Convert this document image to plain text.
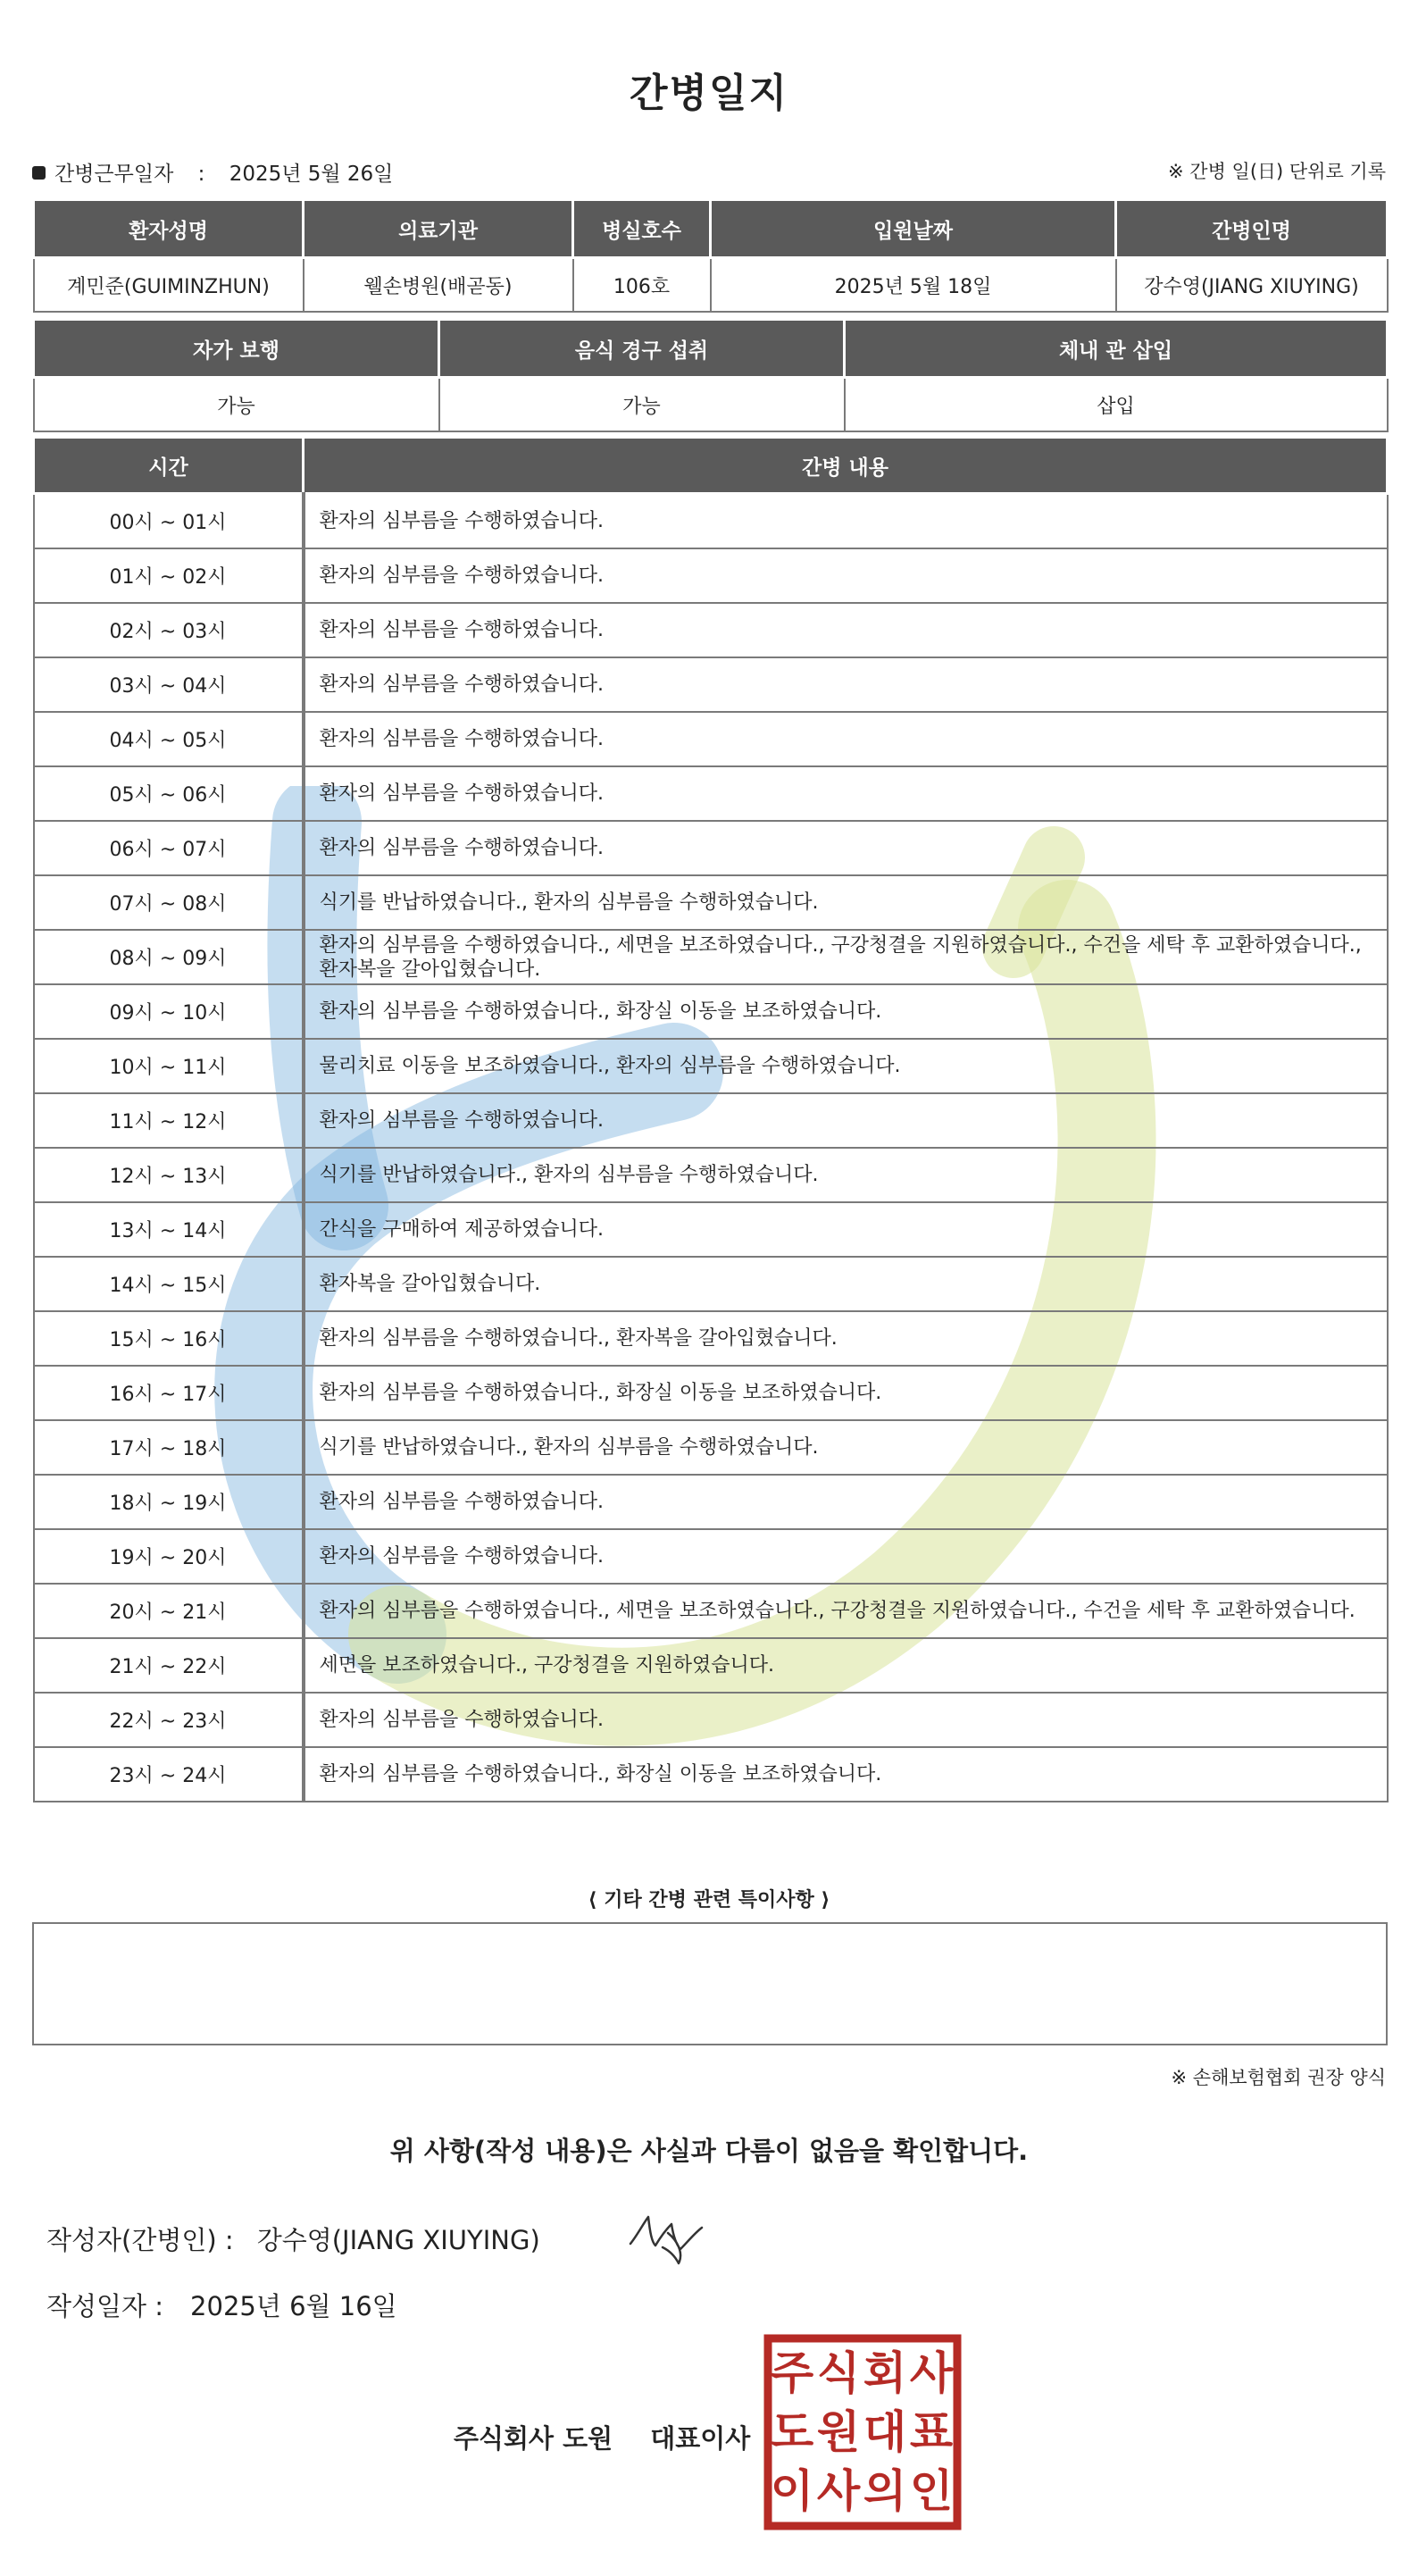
간병일지
간병근무일자 : 2025년 5월 26일	※ 간병 일(日) 단위로 기록
환자성명	의료기관	병실호수	입원날짜	간병인명
계민준(GUIMINZHUN)	웰손병원(배곧동)	106호	2025년 5월 18일	강수영(JIANG XIUYING)
자가 보행	음식 경구 섭취	체내 관 삽입
가능	가능	삽입
시간	간병 내용
00시 ~ 01시	환자의 심부름을 수행하였습니다.
01시 ~ 02시	환자의 심부름을 수행하였습니다.
02시 ~ 03시	환자의 심부름을 수행하였습니다.
03시 ~ 04시	환자의 심부름을 수행하였습니다.
04시 ~ 05시	환자의 심부름을 수행하였습니다.
05시 ~ 06시	환자의 심부름을 수행하였습니다.
06시 ~ 07시	환자의 심부름을 수행하였습니다.
07시 ~ 08시	식기를 반납하였습니다., 환자의 심부름을 수행하였습니다.
08시 ~ 09시	환자의 심부름을 수행하였습니다., 세면을 보조하였습니다., 구강청결을 지원하였습니다., 수건을 세탁 후 교환하였습니다., 환자복을 갈아입혔습니다.
09시 ~ 10시	환자의 심부름을 수행하였습니다., 화장실 이동을 보조하였습니다.
10시 ~ 11시	물리치료 이동을 보조하였습니다., 환자의 심부름을 수행하였습니다.
11시 ~ 12시	환자의 심부름을 수행하였습니다.
12시 ~ 13시	식기를 반납하였습니다., 환자의 심부름을 수행하였습니다.
13시 ~ 14시	간식을 구매하여 제공하였습니다.
14시 ~ 15시	환자복을 갈아입혔습니다.
15시 ~ 16시	환자의 심부름을 수행하였습니다., 환자복을 갈아입혔습니다.
16시 ~ 17시	환자의 심부름을 수행하였습니다., 화장실 이동을 보조하였습니다.
17시 ~ 18시	식기를 반납하였습니다., 환자의 심부름을 수행하였습니다.
18시 ~ 19시	환자의 심부름을 수행하였습니다.
19시 ~ 20시	환자의 심부름을 수행하였습니다.
20시 ~ 21시	환자의 심부름을 수행하였습니다., 세면을 보조하였습니다., 구강청결을 지원하였습니다., 수건을 세탁 후 교환하였습니다.
21시 ~ 22시	세면을 보조하였습니다., 구강청결을 지원하였습니다.
22시 ~ 23시	환자의 심부름을 수행하였습니다.
23시 ~ 24시	환자의 심부름을 수행하였습니다., 화장실 이동을 보조하였습니다.
⟨ 기타 간병 관련 특이사항 ⟩
※ 손해보험협회 권장 양식
위 사항(작성 내용)은 사실과 다름이 없음을 확인합니다.
작성자(간병인) : 강수영(JIANG XIUYING)
작성일자 : 2025년 6월 16일
주식회사 도원 대표이사
주 식 회 사
도 원 대 표
이 사 의 인
